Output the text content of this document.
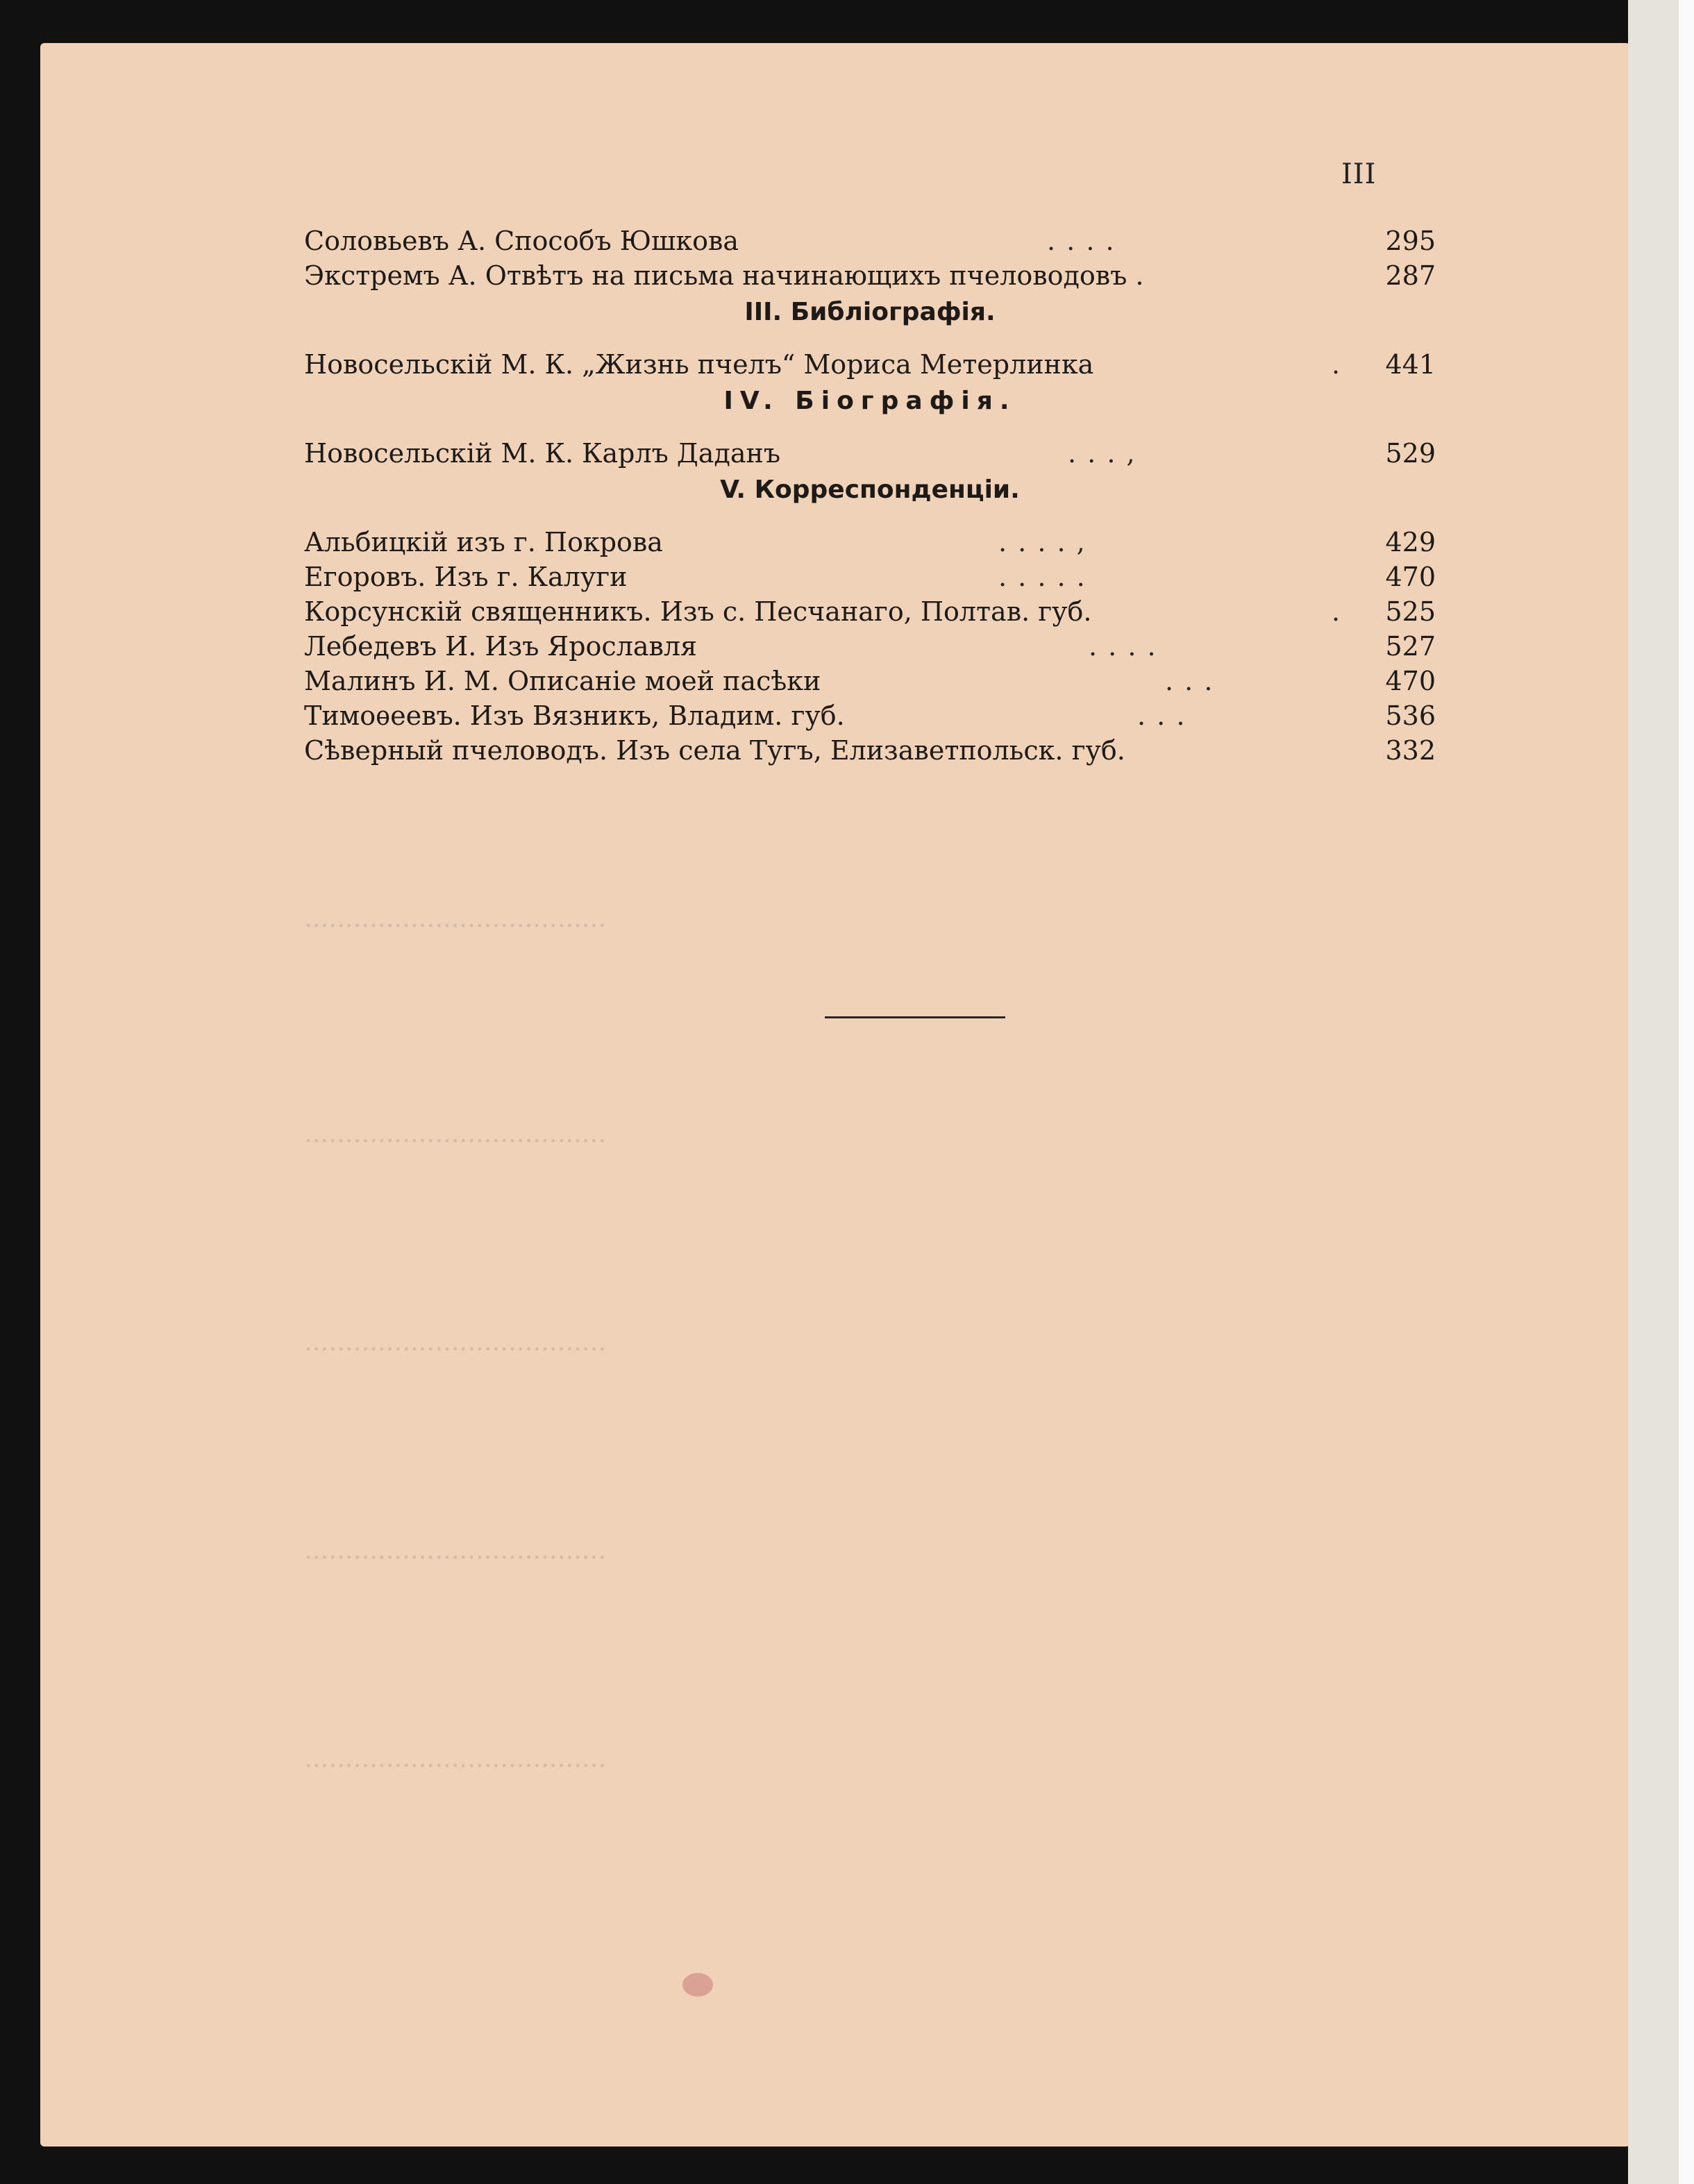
·····································
·····································
·····································
·····································
·····································
III
Соловьевъ А. Способъ Юшкова	. . . .	295
Экстремъ А. Отвѣтъ на письма начинающихъ пчеловодовъ .	287
III. Библіографія.
Новосельскій М. К. „Жизнь пчелъ“ Мориса Метерлинка	. 441
IV. Біографія.
Новосельскій М. К. Карлъ Даданъ	. . . ,	529
V. Корреспонденціи.
Альбицкій изъ г. Покрова	. . . . ,	429
Егоровъ. Изъ г. Калуги	. . . . .	470
Корсунскій священникъ. Изъ с. Песчанаго, Полтав. губ.	. 525
Лебедевъ И. Изъ Ярославля	. . . .	527
Малинъ И. М. Описаніе моей пасѣки	. . .	470
Тимоѳеевъ. Изъ Вязникъ, Владим. губ.	. . .	536
Сѣверный пчеловодъ. Изъ села Тугъ, Елизаветпольск. губ.	332
